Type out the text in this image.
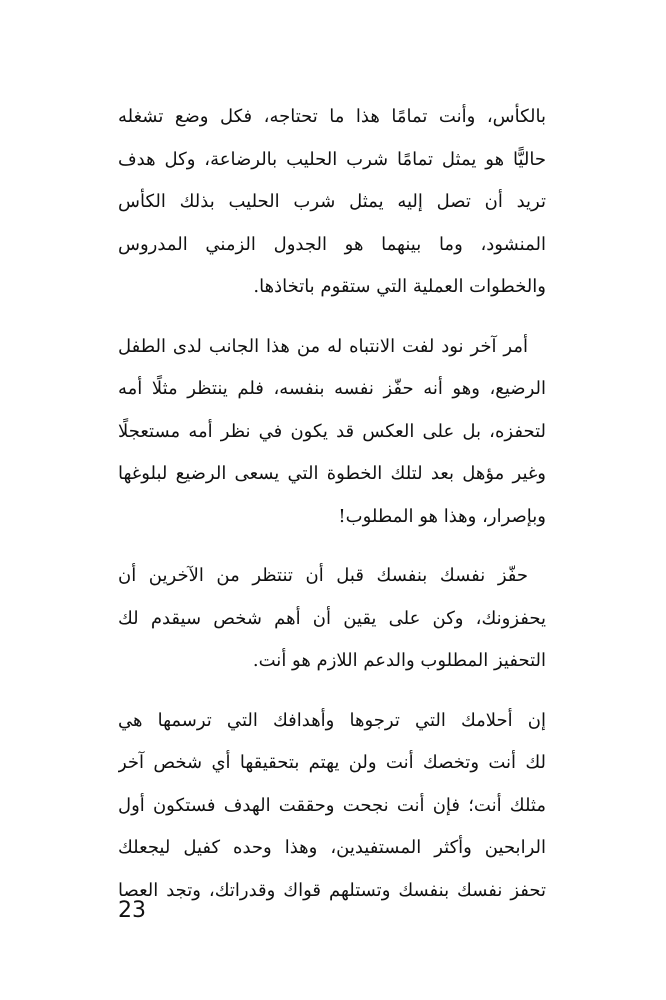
بالكأس، وأنت تمامًا هذا ما تحتاجه، فكل وضع تشغله
حاليًّا هو يمثل تمامًا شرب الحليب بالرضاعة، وكل هدف
تريد أن تصل إليه يمثل شرب الحليب بذلك الكأس
المنشود، وما بينهما هو الجدول الزمني المدروس
والخطوات العملية التي ستقوم باتخاذها.
أمر آخر نود لفت الانتباه له من هذا الجانب لدى الطفل
الرضيع، وهو أنه حفّز نفسه بنفسه، فلم ينتظر مثلًا أمه
لتحفزه، بل على العكس قد يكون في نظر أمه مستعجلًا
وغير مؤهل بعد لتلك الخطوة التي يسعى الرضيع لبلوغها
وبإصرار، وهذا هو المطلوب!
حفّز نفسك بنفسك قبل أن تنتظر من الآخرين أن
يحفزونك، وكن على يقين أن أهم شخص سيقدم لك
التحفيز المطلوب والدعم اللازم هو أنت.
إن أحلامك التي ترجوها وأهدافك التي ترسمها هي
لك أنت وتخصك أنت ولن يهتم بتحقيقها أي شخص آخر
مثلك أنت؛ فإن أنت نجحت وحققت الهدف فستكون أول
الرابحين وأكثر المستفيدين، وهذا وحده كفيل ليجعلك
تحفز نفسك بنفسك وتستلهم قواك وقدراتك، وتجد العصا
23
